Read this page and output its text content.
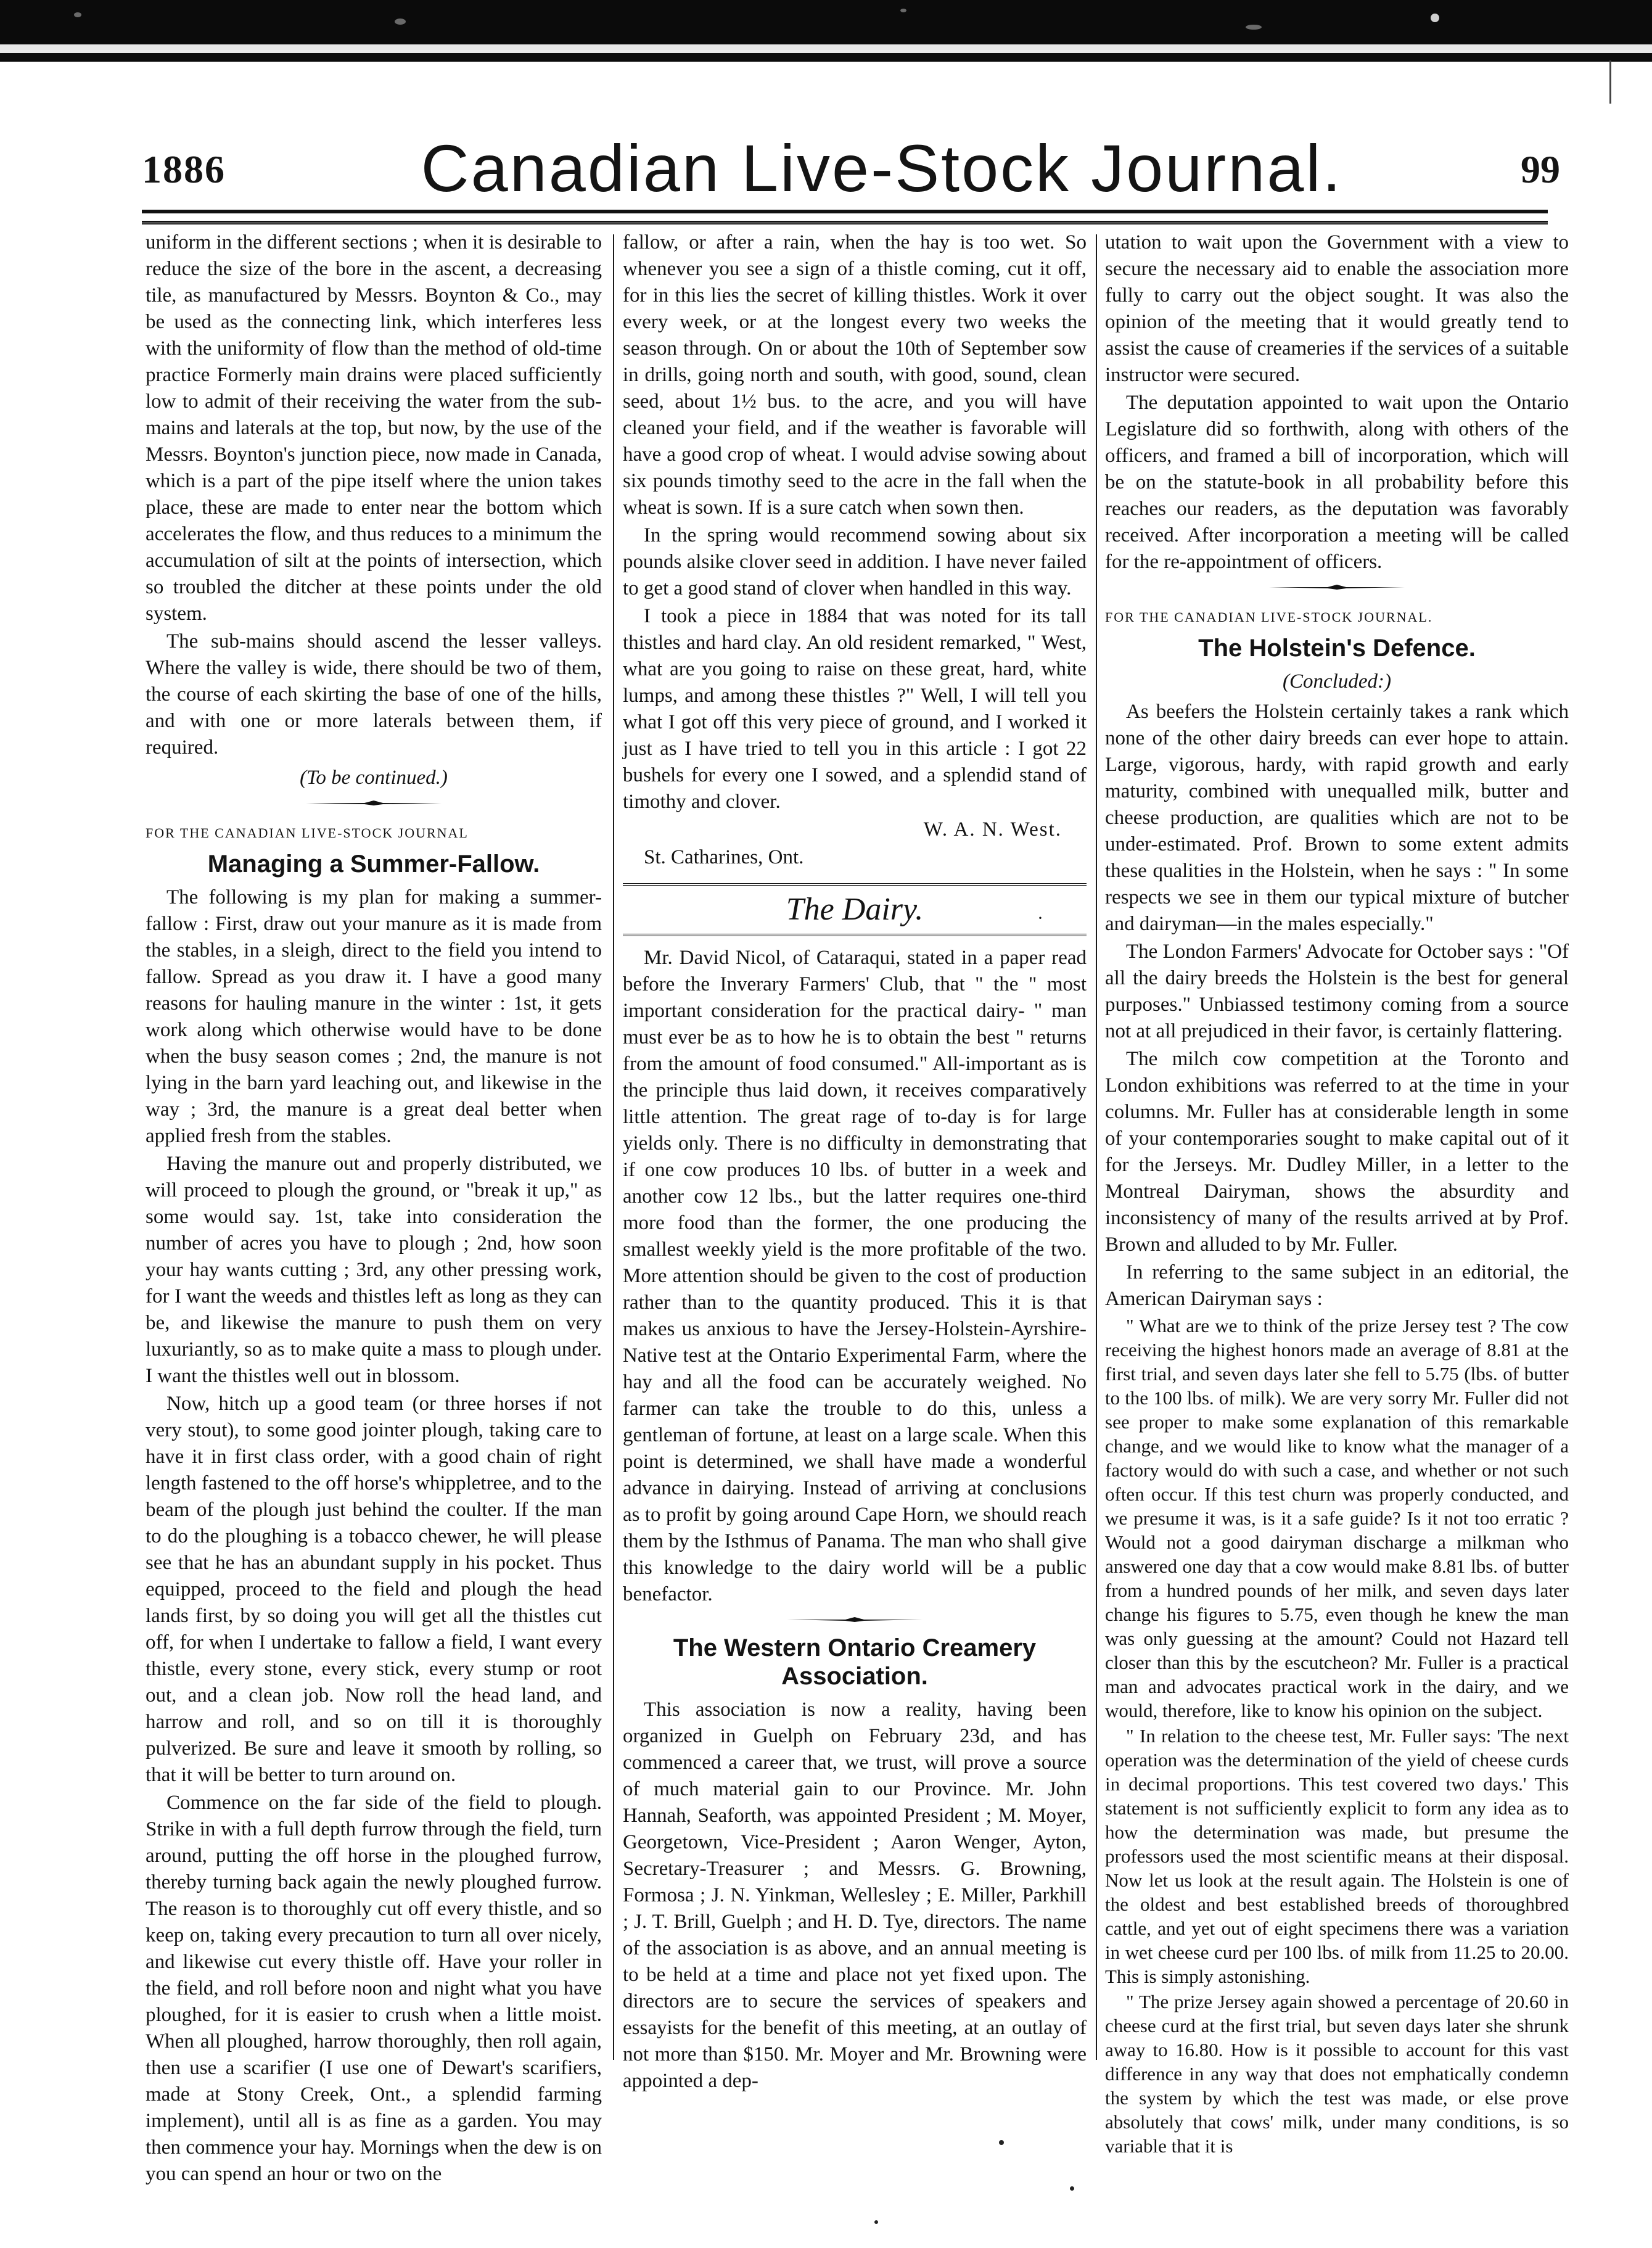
1886	Canadian Live-Stock Journal.	99

uniform in the different sections ; when it is desirable to reduce the size of the bore in the ascent, a decreasing tile, as manufactured by Messrs. Boynton & Co., may be used as the connecting link, which interferes less with the uniformity of flow than the method of old-time practice Formerly main drains were placed sufficiently low to admit of their receiving the water from the sub-mains and laterals at the top, but now, by the use of the Messrs. Boynton's junction piece, now made in Canada, which is a part of the pipe itself where the union takes place, these are made to enter near the bottom which accelerates the flow, and thus reduces to a minimum the accumulation of silt at the points of intersection, which so troubled the ditcher at these points under the old system.

The sub-mains should ascend the lesser valleys. Where the valley is wide, there should be two of them, the course of each skirting the base of one of the hills, and with one or more laterals between them, if required.

(To be continued.)

FOR THE CANADIAN LIVE-STOCK JOURNAL

Managing a Summer-Fallow.

The following is my plan for making a summer-fallow : First, draw out your manure as it is made from the stables, in a sleigh, direct to the field you intend to fallow. Spread as you draw it. I have a good many reasons for hauling manure in the winter : 1st, it gets work along which otherwise would have to be done when the busy season comes ; 2nd, the manure is not lying in the barn yard leaching out, and likewise in the way ; 3rd, the manure is a great deal better when applied fresh from the stables.

Having the manure out and properly distributed, we will proceed to plough the ground, or "break it up," as some would say. 1st, take into consideration the number of acres you have to plough ; 2nd, how soon your hay wants cutting ; 3rd, any other pressing work, for I want the weeds and thistles left as long as they can be, and likewise the manure to push them on very luxuriantly, so as to make quite a mass to plough under. I want the thistles well out in blossom.

Now, hitch up a good team (or three horses if not very stout), to some good jointer plough, taking care to have it in first class order, with a good chain of right length fastened to the off horse's whippletree, and to the beam of the plough just behind the coulter. If the man to do the ploughing is a tobacco chewer, he will please see that he has an abundant supply in his pocket. Thus equipped, proceed to the field and plough the head lands first, by so doing you will get all the thistles cut off, for when I undertake to fallow a field, I want every thistle, every stone, every stick, every stump or root out, and a clean job. Now roll the head land, and harrow and roll, and so on till it is thoroughly pulverized. Be sure and leave it smooth by rolling, so that it will be better to turn around on.

Commence on the far side of the field to plough. Strike in with a full depth furrow through the field, turn around, putting the off horse in the ploughed furrow, thereby turning back again the newly ploughed furrow. The reason is to thoroughly cut off every thistle, and so keep on, taking every precaution to turn all over nicely, and likewise cut every thistle off. Have your roller in the field, and roll before noon and night what you have ploughed, for it is easier to crush when a little moist. When all ploughed, harrow thoroughly, then roll again, then use a scarifier (I use one of Dewart's scarifiers, made at Stony Creek, Ont., a splendid farming implement), until all is as fine as a garden. You may then commence your hay. Mornings when the dew is on you can spend an hour or two on the

fallow, or after a rain, when the hay is too wet. So whenever you see a sign of a thistle coming, cut it off, for in this lies the secret of killing thistles. Work it over every week, or at the longest every two weeks the season through. On or about the 10th of September sow in drills, going north and south, with good, sound, clean seed, about 1½ bus. to the acre, and you will have cleaned your field, and if the weather is favorable will have a good crop of wheat. I would advise sowing about six pounds timothy seed to the acre in the fall when the wheat is sown. If is a sure catch when sown then.

In the spring would recommend sowing about six pounds alsike clover seed in addition. I have never failed to get a good stand of clover when handled in this way.

I took a piece in 1884 that was noted for its tall thistles and hard clay. An old resident remarked, " West, what are you going to raise on these great, hard, white lumps, and among these thistles ?" Well, I will tell you what I got off this very piece of ground, and I worked it just as I have tried to tell you in this article : I got 22 bushels for every one I sowed, and a splendid stand of timothy and clover.

W. A. N. West.

St. Catharines, Ont.

The Dairy.	·

Mr. David Nicol, of Cataraqui, stated in a paper read before the Inverary Farmers' Club, that " the " most important consideration for the practical dairy- " man must ever be as to how he is to obtain the best " returns from the amount of food consumed." All-important as is the principle thus laid down, it receives comparatively little attention. The great rage of to-day is for large yields only. There is no difficulty in demonstrating that if one cow produces 10 lbs. of butter in a week and another cow 12 lbs., but the latter requires one-third more food than the former, the one producing the smallest weekly yield is the more profitable of the two. More attention should be given to the cost of production rather than to the quantity produced. This it is that makes us anxious to have the Jersey-Holstein-Ayrshire-Native test at the Ontario Experimental Farm, where the hay and all the food can be accurately weighed. No farmer can take the trouble to do this, unless a gentleman of fortune, at least on a large scale. When this point is determined, we shall have made a wonderful advance in dairying. Instead of arriving at conclusions as to profit by going around Cape Horn, we should reach them by the Isthmus of Panama. The man who shall give this knowledge to the dairy world will be a public benefactor.

The Western Ontario Creamery Association.

This association is now a reality, having been organized in Guelph on February 23d, and has commenced a career that, we trust, will prove a source of much material gain to our Province. Mr. John Hannah, Seaforth, was appointed President ; M. Moyer, Georgetown, Vice-President ; Aaron Wenger, Ayton, Secretary-Treasurer ; and Messrs. G. Browning, Formosa ; J. N. Yinkman, Wellesley ; E. Miller, Parkhill ; J. T. Brill, Guelph ; and H. D. Tye, directors. The name of the association is as above, and an annual meeting is to be held at a time and place not yet fixed upon. The directors are to secure the services of speakers and essayists for the benefit of this meeting, at an outlay of not more than $150. Mr. Moyer and Mr. Browning were appointed a dep-

utation to wait upon the Government with a view to secure the necessary aid to enable the association more fully to carry out the object sought. It was also the opinion of the meeting that it would greatly tend to assist the cause of creameries if the services of a suitable instructor were secured.

The deputation appointed to wait upon the Ontario Legislature did so forthwith, along with others of the officers, and framed a bill of incorporation, which will be on the statute-book in all probability before this reaches our readers, as the deputation was favorably received. After incorporation a meeting will be called for the re-appointment of officers.

FOR THE CANADIAN LIVE-STOCK JOURNAL.

The Holstein's Defence.

(Concluded:)

As beefers the Holstein certainly takes a rank which none of the other dairy breeds can ever hope to attain. Large, vigorous, hardy, with rapid growth and early maturity, combined with unequalled milk, butter and cheese production, are qualities which are not to be under-estimated. Prof. Brown to some extent admits these qualities in the Holstein, when he says : " In some respects we see in them our typical mixture of butcher and dairyman—in the males especially."

The London Farmers' Advocate for October says : "Of all the dairy breeds the Holstein is the best for general purposes." Unbiassed testimony coming from a source not at all prejudiced in their favor, is certainly flattering.

The milch cow competition at the Toronto and London exhibitions was referred to at the time in your columns. Mr. Fuller has at considerable length in some of your contemporaries sought to make capital out of it for the Jerseys. Mr. Dudley Miller, in a letter to the Montreal Dairyman, shows the absurdity and inconsistency of many of the results arrived at by Prof. Brown and alluded to by Mr. Fuller.

In referring to the same subject in an editorial, the American Dairyman says :

" What are we to think of the prize Jersey test ? The cow receiving the highest honors made an average of 8.81 at the first trial, and seven days later she fell to 5.75 (lbs. of butter to the 100 lbs. of milk). We are very sorry Mr. Fuller did not see proper to make some explanation of this remarkable change, and we would like to know what the manager of a factory would do with such a case, and whether or not such often occur. If this test churn was properly conducted, and we presume it was, is it a safe guide? Is it not too erratic ? Would not a good dairyman discharge a milkman who answered one day that a cow would make 8.81 lbs. of butter from a hundred pounds of her milk, and seven days later change his figures to 5.75, even though he knew the man was only guessing at the amount? Could not Hazard tell closer than this by the escutcheon? Mr. Fuller is a practical man and advocates practical work in the dairy, and we would, therefore, like to know his opinion on the subject.

" In relation to the cheese test, Mr. Fuller says: 'The next operation was the determination of the yield of cheese curds in decimal proportions. This test covered two days.' This statement is not sufficiently explicit to form any idea as to how the determination was made, but presume the professors used the most scientific means at their disposal. Now let us look at the result again. The Holstein is one of the oldest and best established breeds of thoroughbred cattle, and yet out of eight specimens there was a variation in wet cheese curd per 100 lbs. of milk from 11.25 to 20.00. This is simply astonishing.

" The prize Jersey again showed a percentage of 20.60 in cheese curd at the first trial, but seven days later she shrunk away to 16.80. How is it possible to account for this vast difference in any way that does not emphatically condemn the system by which the test was made, or else prove absolutely that cows' milk, under many conditions, is so variable that it is
